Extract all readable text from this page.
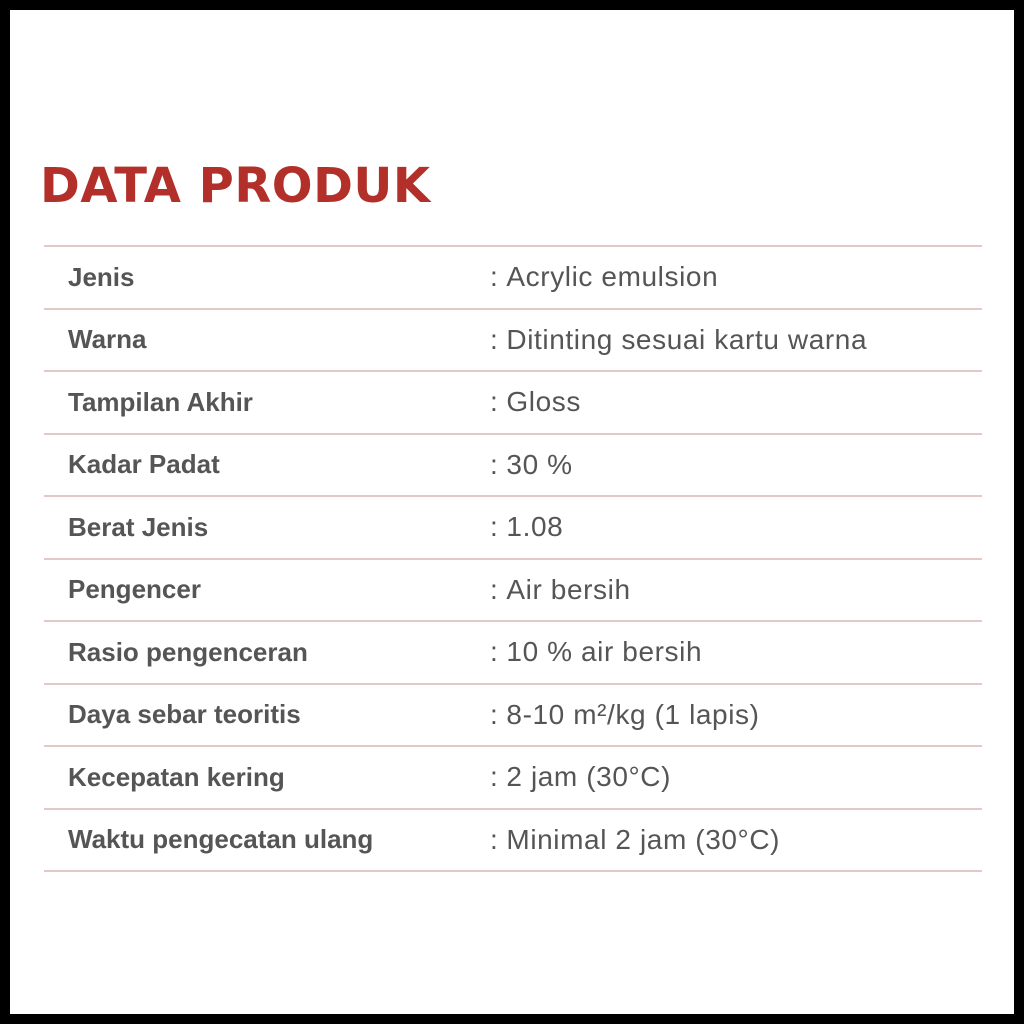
DATA PRODUK
Jenis	: Acrylic emulsion
Warna	: Ditinting sesuai kartu warna
Tampilan Akhir	: Gloss
Kadar Padat	: 30 %
Berat Jenis	: 1.08
Pengencer	: Air bersih
Rasio pengenceran	: 10 % air bersih
Daya sebar teoritis	: 8-10 m²/kg (1 lapis)
Kecepatan kering	: 2 jam (30°C)
Waktu pengecatan ulang	: Minimal 2 jam (30°C)
